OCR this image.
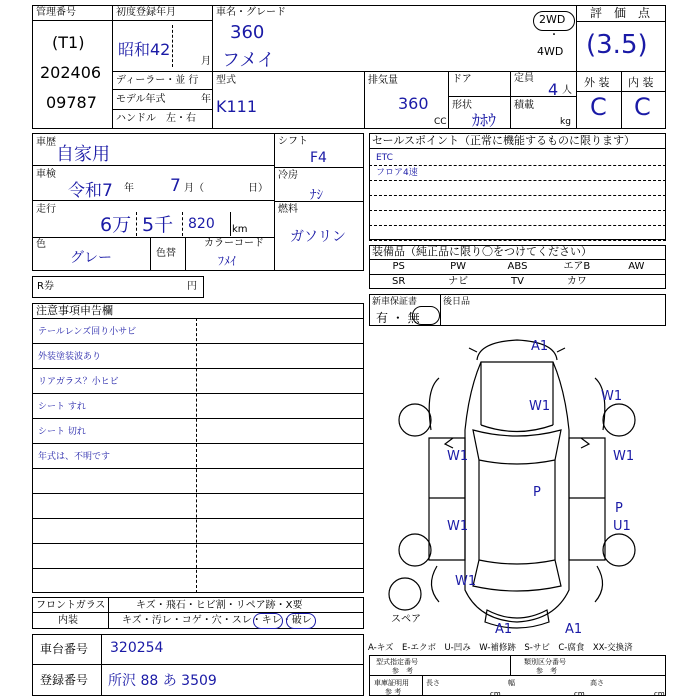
管理番号
(T1)
202406
09787
初度登録年月
昭和42
月
車名・グレード
360
フメイ
2WD
・
4WD
評　価　点
(3.5)
外 装 内 装
C C
ディーラー・並 行
モデル年式	年
ハンドル　左・右
型式
K111
排気量
360
CC
ドア
形状
ｶﾎｳ
定員
4 人
積載
kg
車歴
自家用
車検
令和7 年 7 月（	日）
走行
6万 5千 820 km
色
グレー	色替
カラーコード
ﾌﾒｲ
シフト
F4
冷房
ﾅｼ
燃料
ガソリン
セールスポイント（正常に機能するものに限ります）
ETC
フロア4速
装備品（純正品に限り〇をつけてください）
PS	PW	ABS	エアB	AW
SR	ナビ	TV	カワ
R券	円
新車保証書
有 ・ 無
後日品
注意事項申告欄
テールレンズ回り小サビ
外装塗装波あり
リアガラス？小ヒビ
シート すれ
シート 切れ
年式は、不明です
フロントガラス	キズ・飛石・ヒビ割・リペア跡・X要
内装	キズ・汚レ・コゲ・穴・スレ・キレ・破レ
車台番号 320254
登録番号 所沢 88 あ 3509
A-キズ　E-エクボ　U-凹み　W-補修跡　S-サビ　C-腐食　XX-交換済
型式指定番号
参　考
類別区分番号
参　考
車庫証明用
参 考
長さ
cm
幅
cm
高さ
cm
A1
W1
W1
W1	W1
P
W1
P
U1
W1
A1	A1
スペア
